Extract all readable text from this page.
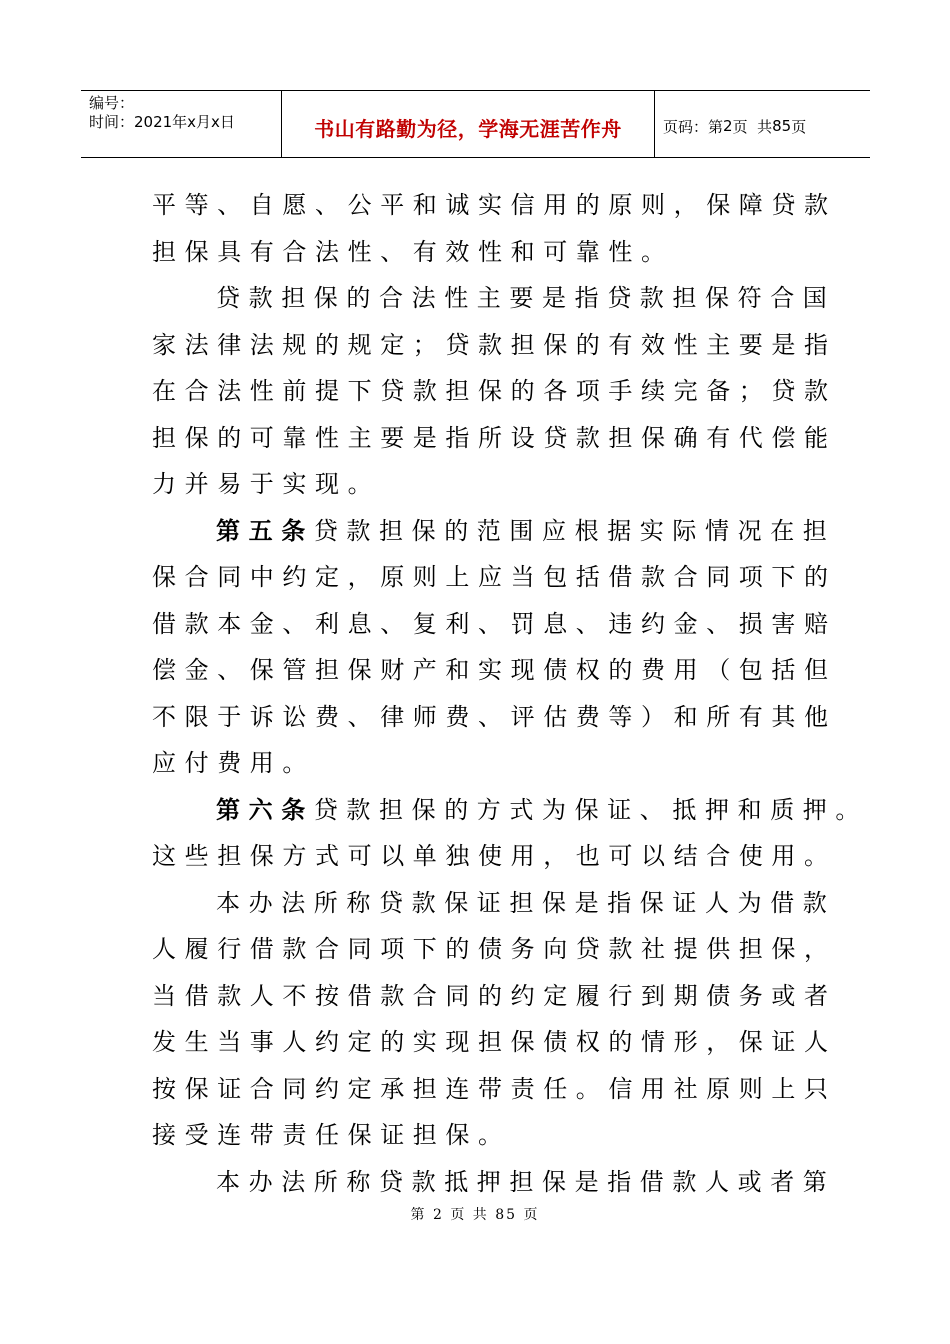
编号：
时间：2021年x月x日	书山有路勤为径，学海无涯苦作舟	页码：第 2 页  共 85 页
平等、自愿、公平和诚实信用的原则，保障贷款
担保具有合法性、有效性和可靠性。
贷款担保的合法性主要是指贷款担保符合国
家法律法规的规定；贷款担保的有效性主要是指
在合法性前提下贷款担保的各项手续完备；贷款
担保的可靠性主要是指所设贷款担保确有代偿能
力并易于实现。
第五条贷款担保的范围应根据实际情况在担
保合同中约定，原则上应当包括借款合同项下的
借款本金、利息、复利、罚息、违约金、损害赔
偿金、保管担保财产和实现债权的费用（包括但
不限于诉讼费、律师费、评估费等）和所有其他
应付费用。
第六条贷款担保的方式为保证、抵押和质押。
这些担保方式可以单独使用，也可以结合使用。
本办法所称贷款保证担保是指保证人为借款
人履行借款合同项下的债务向贷款社提供担保，
当借款人不按借款合同的约定履行到期债务或者
发生当事人约定的实现担保债权的情形，保证人
按保证合同约定承担连带责任。信用社原则上只
接受连带责任保证担保。
本办法所称贷款抵押担保是指借款人或者第
第 2 页 共 85 页
